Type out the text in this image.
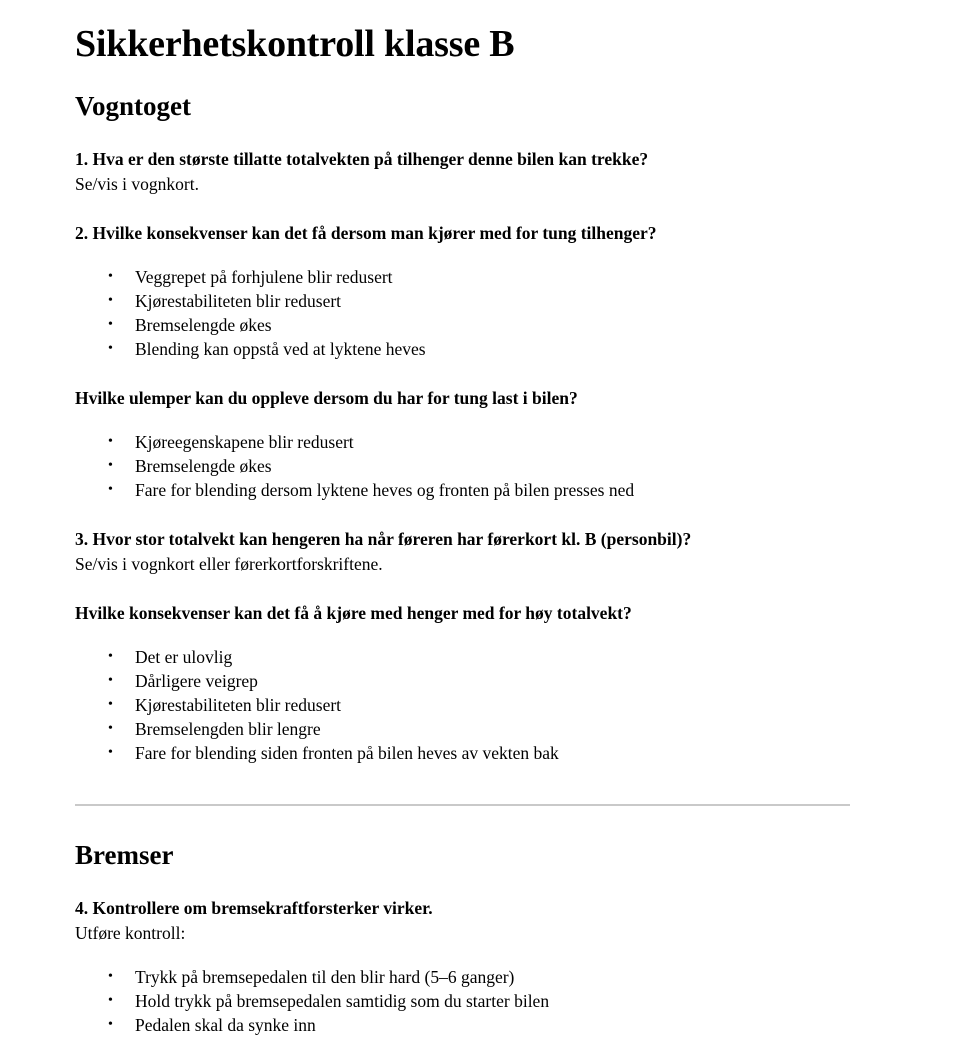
Sikkerhetskontroll klasse B
Vogntoget

1. Hva er den største tillatte totalvekten på tilhenger denne bilen kan trekke?

Se/vis i vognkort.

2. Hvilke konsekvenser kan det få dersom man kjører med for tung tilhenger?

• Veggrepet på forhjulene blir redusert
• Kjørestabiliteten blir redusert
• Bremselengde økes
• Blending kan oppstå ved at lyktene heves

Hvilke ulemper kan du oppleve dersom du har for tung last i bilen?

• Kjøreegenskapene blir redusert
• Bremselengde økes
• Fare for blending dersom lyktene heves og fronten på bilen presses ned

3. Hvor stor totalvekt kan hengeren ha når føreren har førerkort kl. B (personbil)?

Se/vis i vognkort eller førerkortforskriftene.

Hvilke konsekvenser kan det få å kjøre med henger med for høy totalvekt?

• Det er ulovlig
• Dårligere veigrep
• Kjørestabiliteten blir redusert
• Bremselengden blir lengre
• Fare for blending siden fronten på bilen heves av vekten bak
Bremser

4. Kontrollere om bremsekraftforsterker virker.

Utføre kontroll:

• Trykk på bremsepedalen til den blir hard (5–6 ganger)
• Hold trykk på bremsepedalen samtidig som du starter bilen
• Pedalen skal da synke inn
